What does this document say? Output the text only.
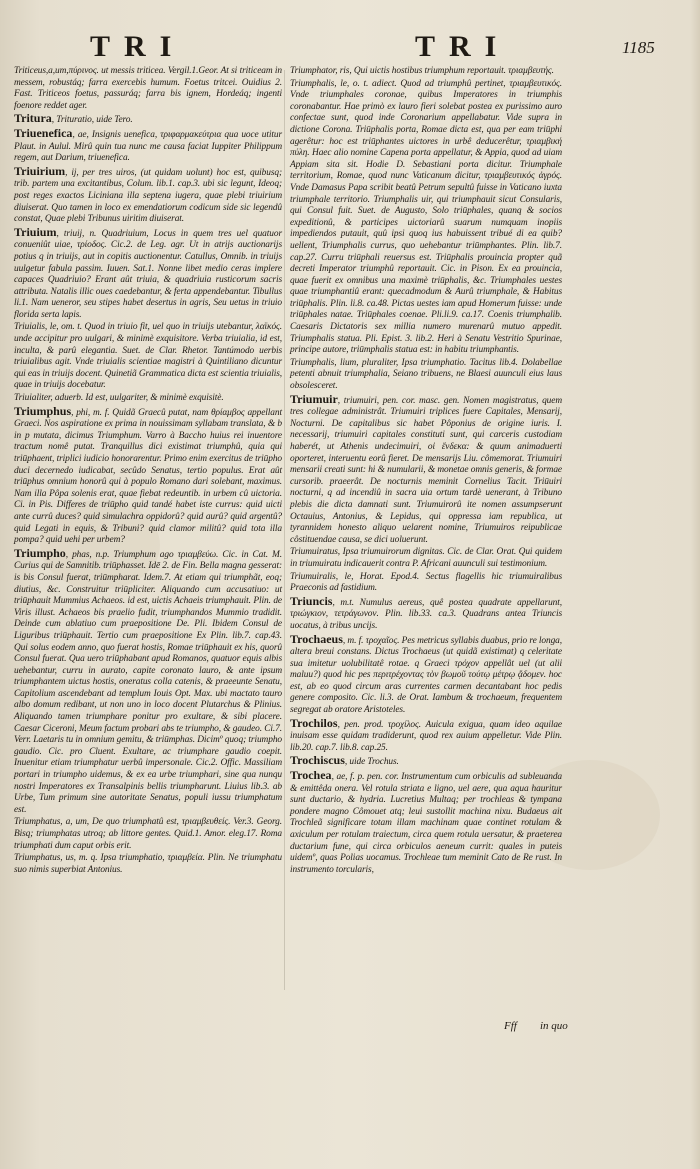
TRI	TRI	1185
Triticeus,a,um,πύρινος. ut messis triticea. Vergil.1.Geor. At si triticeam in messem, robustáq; farra exercebis humum. Foetus tritcei. Ouidius 2. Fast. Triticeos foetus, passuráq; farra bis ignem, Hordeáq; ingenti foenore reddet ager.
Tritura, Trituratio, uide Tero.
Triuenefica, ae, Insignis uenefica, τριφαρμακεύτρια qua uoce utitur Plaut. in Aulul. Mirû quin tua nunc me causa faciat Iuppiter Philippum regem, aut Darium, triuenefica.
Triuirium, ij, per tres uiros, (ut quidam uolunt) hoc est, quibusq; trib. partem una excitantibus, Colum. lib.1. cap.3. ubi sic legunt, Ideoq; post reges exactos Liciniana illa septena iugera, quae plebi triuirium diuiserat. Quo tamen in loco ex emendatiorum codicum side sic legendû constat, Quae plebi Tribunus uiritim diuiserat.
Triuium, triuij, n. Quadriuium, Locus in quem tres uel quatuor conueniût uiae, τρίοδος. Cic.2. de Leg. agr. Ut in atrijs auctionarijs potius q in triuijs, aut in copitis auctionentur. Catullus, Omnib. in triuijs uulgetur fabula passim. Iuuen. Sat.1. Nonne libet medio ceras implere capaces Quadriuio? Erant aût triuia, & quadriuia rusticorum sacris attributa. Natalis illic oues caedebantur, & ferta appendebantur. Tibullus li.1. Nam ueneror, seu stipes habet desertus in agris, Seu uetus in triuio florida serta lapis.
Triuialis, le, om. t. Quod in triuio fit, uel quo in triuijs utebantur, λαϊκός. unde accipitur pro uulgari, & minimè exquisitore. Verba triuialia, id est, inculta, & parû elegantia. Suet. de Clar. Rhetor. Tantúmodo uerbis triuialibus agit. Vnde triuialis scientiae magistri à Quintiliano dicuntur qui eas in triuijs docent. Quinetiã Grammatica dicta est scientia triuialis, quae in triuijs docebatur.
Triuialiter, aduerb. Id est, uulgariter, & minimè exquisitè.
Triumphus, phi, m. f. Quidã Graecû putat, nam θρίαμβος appellant Graeci. Nos aspiratione ex prima in nouissimam syllabam translata, & b in p mutata, dicimus Triumphum. Varro à Baccho huius rei inuentore tractum nomê putat. Tranquillus dici existimat triumphû, quia qui triūphaent, triplici iudicio honorarentur. Primo enim exercitus de triūpho duci decernedo iudicabat, secûdo Senatus, tertio populus. Erat aût triūphus omnium honorû qui à populo Romano dari solebant, maximus. Nam illa Pôpa solenis erat, quae fiebat redeuntib. in urbem cû uictoria. Ci. in Pis. Differes de triūpho quid tandé habet iste currus: quid uicti ante currû duces? quid simulachra oppidorû? quid aurû? quid argentû? quid Legati in equis, & Tribuni? quid clamor militû? quid tota illa pompa? quid uehi per urbem?
Triumpho, phas, n.p. Triumphum ago τριαμβεύω. Cic. in Cat. M. Curius qui de Samnitib. triūphasset. Idē 2. de Fin. Bella magna gesserat: is bis Consul fuerat, triūmpharat. Idem.7. At etiam qui triumphãt, eoq; diutius, &c. Construitur triūpliciter. Aliquando cum accusatiuo: ut triūphauit Mummius Achaeos. id est, uictis Achaeis triumphauit. Plin. de Viris illust. Achaeos bis praelio fudit, triumphandos Mummio tradidit. Deinde cum ablatiuo cum praepositione De. Pli. Ibidem Consul de Liguribus triūphauit. Tertio cum praepositione Ex Plin. lib.7. cap.43. Qui solus eodem anno, quo fuerat hostis, Romae triūphauit ex his, quorû Consul fuerat. Qua uero triūphabant apud Romanos, quatuor equis albis uehebantur, curru in aurato, capite coronato lauro, & ante ipsum triumphantem uictus hostis, oneratus colla catenis, & praeeunte Senatu, Capitolium ascendebant ad templum Iouis Opt. Max. ubi mactato tauro albo domum redibant, ut non uno in loco docent Plutarchus & Plinius. Aliquando tamen triumphare ponitur pro exultare, & sibi placere. Caesar Ciceroni, Meum factum probari abs te triumpho, & gaudeo. Ci.7. Verr. Laetaris tu in omnium gemitu, & triūmphas. Dicimº quoq; triumpho gaudio. Cic. pro Cluent. Exultare, ac triumphare gaudio coepit. Inuenitur etiam triumphatur uerbû impersonale. Cic.2. Offic. Massiliam portari in triumpho uidemus, & ex ea urbe triumphari, sine qua nunqu nostri Imperatores ex Transalpinis bellis triumpharunt. Liuius lib.3. ab Urbe, Tum primum sine autoritate Senatus, populi iussu triumphatum est.
Triumphatus, a, um, De quo triumphatû est, τριαμβευθείς. Ver.3. Georg. Bisq; triumphatas utroq; ab littore gentes. Quid.1. Amor. eleg.17. Roma triumphati dum caput orbis erit.
Triumphatus, us, m. q. Ipsa triumphatio, τριαμβεία. Plin. Ne triumphatu suo nimis superbiat Antonius.
Triumphator, ris, Qui uictis hostibus triumphum reportauit. τριαμβευτής.
Triumphalis, le, o. t. adiect. Quod ad triumphû pertinet, τριαμβευτικός. Vnde triumphales coronae, quibus Imperatores in triumphis coronabantur. Hae primò ex lauro fieri solebat postea ex purissimo auro confectae sunt, quod inde Coronarium appellabatur. Vide supra in dictione Corona. Triūphalis porta, Romae dicta est, qua per eam triūphi agerêtur: hoc est triūphantes uictores in urbê deducerêtur, τριαμβική πύλη. Haec alio nomine Capena porta appellatur, & Appia, quod ad uiam Appiam sita sit. Hodie D. Sebastiani porta dicitur. Triumphale territorium, Romae, quod nunc Vaticanum dicitur, τριαμβευτικός ἀγρός. Vnde Damasus Papa scribit beatû Petrum sepultû fuisse in Vaticano iuxta triumphale territorio. Triumphalis uir, qui triumphauit sicut Consularis, qui Consul fuit. Suet. de Augusto, Solo triūphales, quanq & socios expeditionû, & participes uictoriarû suarum numquam inopiis impediendos putauit, quû ipsi quoq ius habuissent tribué di ea quib? uellent, Triumphalis currus, quo uehebantur triūmphantes. Plin. lib.7. cap.27. Curru triūphali reuersus est. Triūphalis prouincia propter quã decreti Imperator triumphû reportauit. Cic. in Pison. Ex ea prouincia, quae fuerit ex omnibus una maximè triūphalis, &c. Triumphales uestes quae triumphantiû erant: quecadmodum & Aurû triumphale, & Habitus triūphalis. Plin. li.8. ca.48. Pictas uestes iam apud Homerum fuisse: unde triūphales natae. Triūphales coenae. Pli.li.9. ca.17. Coenis triumphalib. Caesaris Dictatoris sex millia numero murenarû mutuo appedit. Triumphalis statua. Pli. Epist. 3. lib.2. Heri à Senatu Vestritio Spurinae, principe autore, triūmphalis statua est: in habitu triumphantis.
Triumphalis, lium, pluraliter, Ipsa triumphatio. Tacitus lib.4. Dolabellae petenti abnuit triumphalia, Seiano tribuens, ne Blaesi auunculi eius laus obsolesceret.
Triumuir, triumuiri, pen. cor. masc. gen. Nomen magistratus, quem tres collegae administrât. Triumuiri triplices fuere Capitales, Mensarij, Nocturni. De capitalibus sic habet Pôponius de origine iuris. I. necessarij, triumuiri capitales constituti sunt, qui carceris custodiam haberét, ut Athenis undecimuiri, οἱ ἕνδεκα: & quum animaduerti oporteret, interuentu eorû fieret. De mensarijs Liu. cômemorat. Triumuiri mensarii creati sunt: hi & numularii, & monetae omnis generis, & formae cursorib. praeerât. De nocturnis meminit Cornelius Tacit. Triūuiri nocturni, q ad incendiû in sacra uia ortum tardè uenerant, à Tribuno plebis die dicta damnati sunt. Triumuirorû ite nomen assumpserunt Octauius, Antonius, & Lepidus, qui oppressa iam republica, ut tyrannidem honesto aliquo uelarent nomine, Triumuiros reipublicae côstituendae causa, se dici uoluerunt.
Triumuiratus, Ipsa triumuirorum dignitas. Cic. de Clar. Orat. Qui quidem in triumuiratu indicauerit contra P. Africani auunculi sui testimonium.
Triumuiralis, le, Horat. Epod.4. Sectus flagellis hic triumuiralibus Praeconis ad fastidium.
Triuncis, m.t. Numulus aereus, quê postea quadrate appellarunt, τριώγκιον, τετράγωνον. Plin. lib.33. ca.3. Quadrans antea Triuncis uocatus, à tribus uncijs.
Trochaeus, m. f. τροχαῖος. Pes metricus syllabis duabus, prio re longa, altera breui constans. Dictus Trochaeus (ut quidã existimat) q celeritate sua imitetur uolubilitatê rotae. q Graeci τρόχον appellât uel (ut alii maluu?) quod hic pes περιτρέχοντας τὸν βωμοῦ τούτῳ μέτρῳ ᾄδομεν. hoc est, ab eo quod circum aras currentes carmen decantabant hoc pedis genere composito. Cic. li.3. de Orat. Iambum & trochaeum, frequentem segregat ab oratore Aristoteles.
Trochilos, pen. prod. τροχίλος. Auicula exigua, quam ideo aquilae inuisam esse quidam tradiderunt, quod rex auium appelletur. Vide Plin. lib.20. cap.7. lib.8. cap.25.
Trochiscus, uide Trochus.
Trochea, ae, f. p. pen. cor. Instrumentum cum orbiculis ad subleuanda & emittêda onera. Vel rotula striata e ligno, uel aere, qua aqua hauritur sunt ductario, & hydria. Lucretius Multaq; per trochleas & tympana pondere magno Cômouet atq; leui sustollit machina nixu. Budaeus ait Trochleã significare totam illam machinam quae continet rotulam & axiculum per rotulam traiectum, circa quem rotula uersatur, & praeterea ductarium fune, qui circa orbiculos aeneum currit: quales in puteis uidemº, quas Polias uocamus. Trochleae tum meminit Cato de Re rust. In instrumento torcularis,
Fff in quo
